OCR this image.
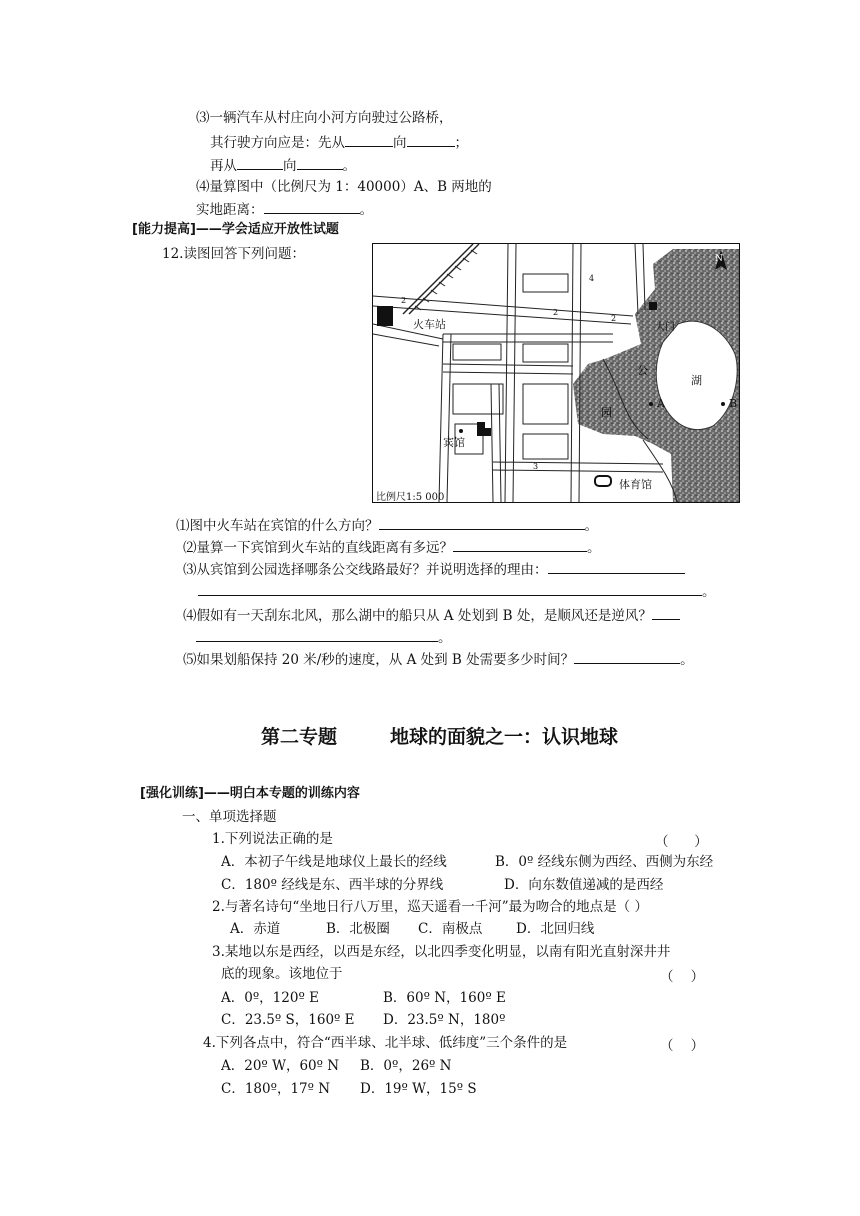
⑶一辆汽车从村庄向小河方向驶过公路桥，
其行驶方向应是：先从	向	；
再从	向	。
⑷量算图中（比例尺为 1：40000）A、B 两地的
实地距离：	。
[能力提高]——学会适应开放性试题
12.读图回答下列问题：
火车站
宾馆
湖
公
园
大门
体育馆
A	B
N
2
2
2
3
4
比例尺1:5 000
⑴图中火车站在宾馆的什么方向？	。
⑵量算一下宾馆到火车站的直线距离有多远？	。
⑶从宾馆到公园选择哪条公交线路最好？并说明选择的理由：
。
⑷假如有一天刮东北风，那么湖中的船只从 A 处划到 B 处，是顺风还是逆风？
。
⑸如果划船保持 20 米/秒的速度，从 A 处到 B 处需要多少时间？	。
第二专题	地球的面貌之一：认识地球
[强化训练]——明白本专题的训练内容
一、单项选择题
1.下列说法正确的是	（      ）
A．本初子午线是地球仪上最长的经线	B．0º 经线东侧为西经、西侧为东经
C．180º 经线是东、西半球的分界线	D．向东数值递减的是西经
2.与著名诗句“坐地日行八万里，巡天遥看一千河”最为吻合的地点是（ ）
A．赤道	B．北极圈 C．南极点 D．北回归线
3.某地以东是西经，以西是东经，以北四季变化明显，以南有阳光直射深井井
底的现象。该地位于	（    ）
A．0º，120º E	B．60º N，160º E
C．23.5º S，160º E D．23.5º N，180º
4.下列各点中，符合“西半球、北半球、低纬度”三个条件的是	（    ）
A．20º W，60º N B．0º，26º N
C．180º，17º N D．19º W，15º S
